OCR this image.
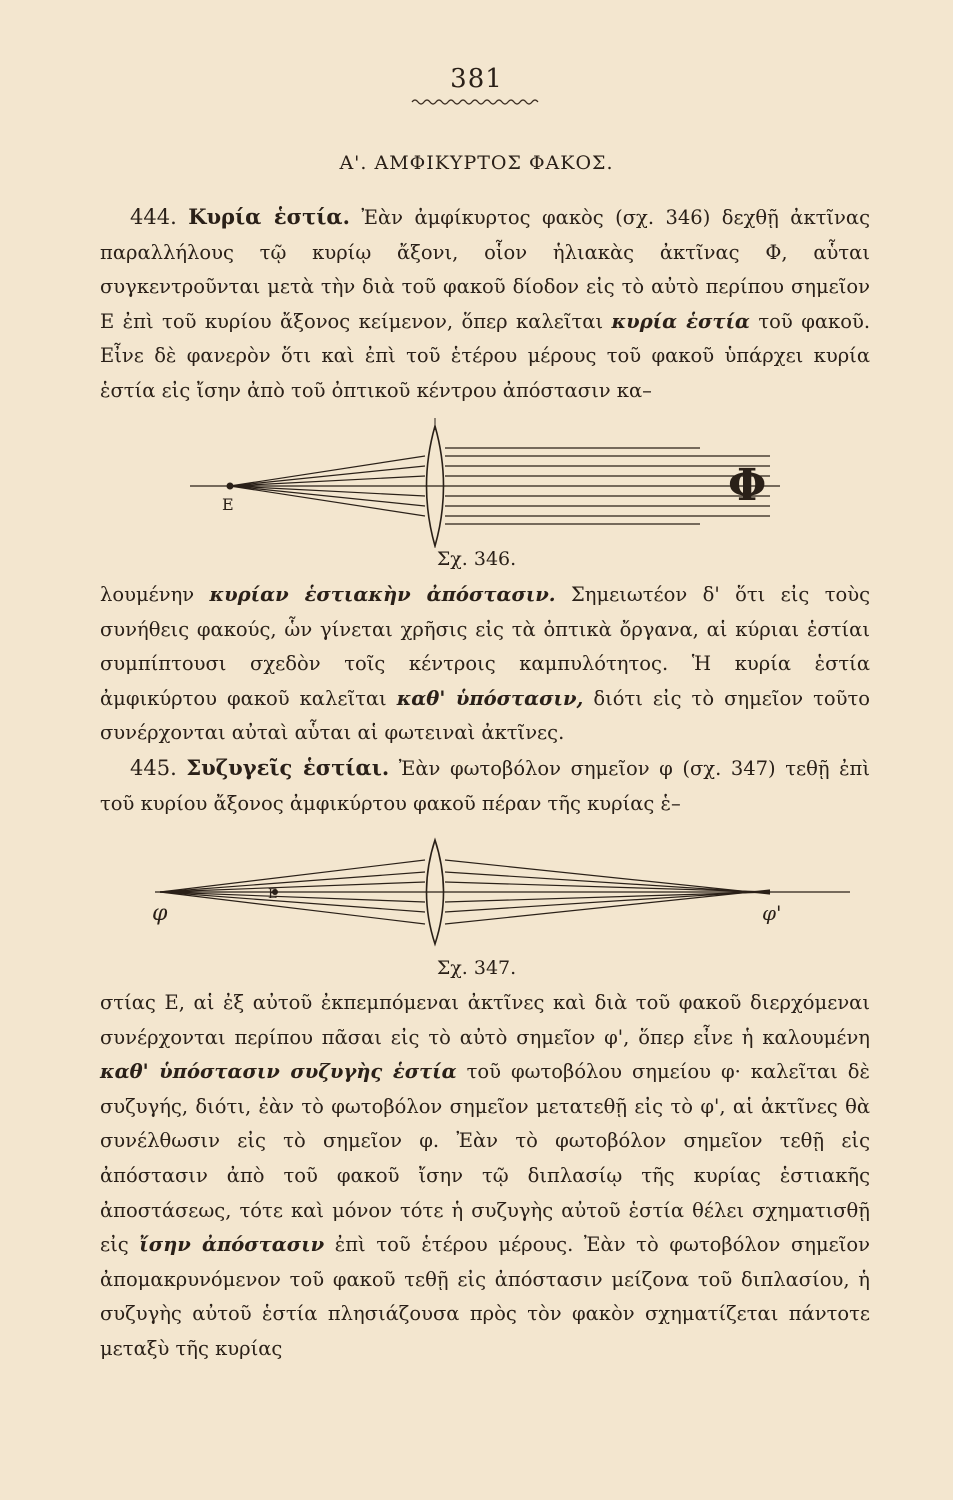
381
Α'. ΑΜΦΙΚΥΡΤΟΣ ΦΑΚΟΣ.
444. Κυρία ἑστία. Ἐὰν ἀμφίκυρτος φακὸς (σχ. 346) δεχθῇ ἀκτῖνας παραλλήλους τῷ κυρίῳ ἄξονι, οἷον ἡλιακὰς ἀκτῖνας Φ, αὗται συγκεντροῦνται μετὰ τὴν διὰ τοῦ φακοῦ δίοδον εἰς τὸ αὐτὸ περίπου σημεῖον Ε ἐπὶ τοῦ κυρίου ἄξονος κείμενον, ὅπερ καλεῖται κυρία ἑστία τοῦ φακοῦ. Εἶνε δὲ φανερὸν ὅτι καὶ ἐπὶ τοῦ ἑτέρου μέρους τοῦ φακοῦ ὑπάρχει κυρία ἑστία εἰς ἴσην ἀπὸ τοῦ ὀπτικοῦ κέντρου ἀπόστασιν κα–
E	Φ
Σχ. 346.
λουμένην κυρίαν ἑστιακὴν ἀπόστασιν. Σημειωτέον δ' ὅτι εἰς τοὺς συνήθεις φακούς, ὧν γίνεται χρῆσις εἰς τὰ ὀπτικὰ ὄργανα, αἱ κύριαι ἑστίαι συμπίπτουσι σχεδὸν τοῖς κέντροις καμπυλότητος. Ἡ κυρία ἑστία ἀμφικύρτου φακοῦ καλεῖται καθ' ὑπόστασιν, διότι εἰς τὸ σημεῖον τοῦτο συνέρχονται αὐταὶ αὗται αἱ φωτειναὶ ἀκτῖνες.
445. Συζυγεῖς ἑστίαι. Ἐὰν φωτοβόλον σημεῖον φ (σχ. 347) τεθῇ ἐπὶ τοῦ κυρίου ἄξονος ἀμφικύρτου φακοῦ πέραν τῆς κυρίας ἑ–
E
φ	φ'
Σχ. 347.
στίας Ε, αἱ ἐξ αὐτοῦ ἐκπεμπόμεναι ἀκτῖνες καὶ διὰ τοῦ φακοῦ διερχόμεναι συνέρχονται περίπου πᾶσαι εἰς τὸ αὐτὸ σημεῖον φ', ὅπερ εἶνε ἡ καλουμένη καθ' ὑπόστασιν συζυγὴς ἑστία τοῦ φωτοβόλου σημείου φ· καλεῖται δὲ συζυγής, διότι, ἐὰν τὸ φωτοβόλον σημεῖον μετατεθῇ εἰς τὸ φ', αἱ ἀκτῖνες θὰ συνέλθωσιν εἰς τὸ σημεῖον φ. Ἐὰν τὸ φωτοβόλον σημεῖον τεθῇ εἰς ἀπόστασιν ἀπὸ τοῦ φακοῦ ἴσην τῷ διπλασίῳ τῆς κυρίας ἑστιακῆς ἀποστάσεως, τότε καὶ μόνον τότε ἡ συζυγὴς αὐτοῦ ἑστία θέλει σχηματισθῇ εἰς ἴσην ἀπόστασιν ἐπὶ τοῦ ἑτέρου μέρους. Ἐὰν τὸ φωτοβόλον σημεῖον ἀπομακρυνόμενον τοῦ φακοῦ τεθῇ εἰς ἀπόστασιν μείζονα τοῦ διπλασίου, ἡ συζυγὴς αὐτοῦ ἑστία πλησιάζουσα πρὸς τὸν φακὸν σχηματίζεται πάντοτε μεταξὺ τῆς κυρίας
